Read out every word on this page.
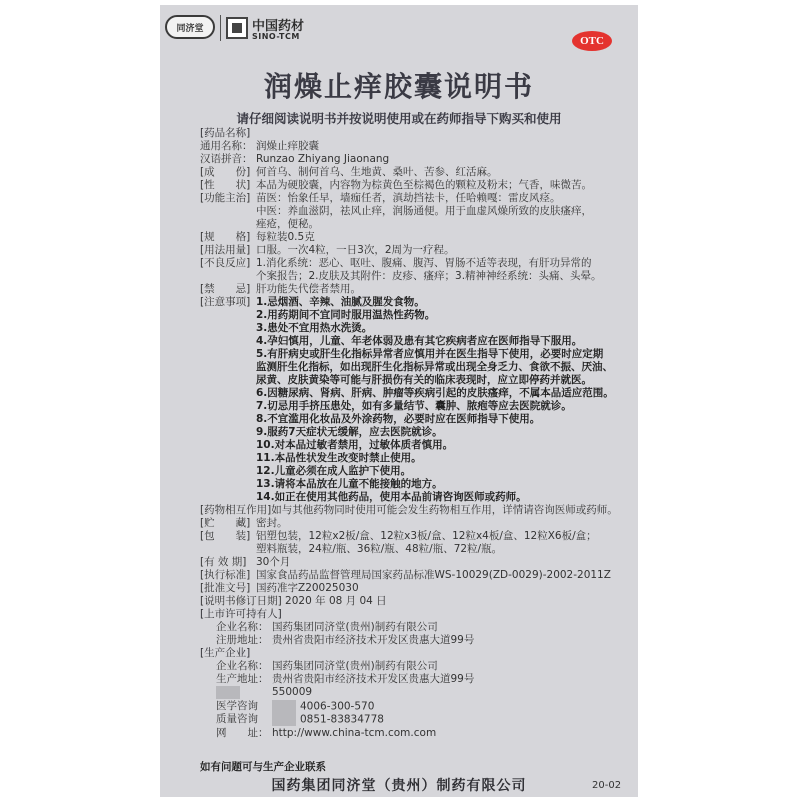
同济堂	中国药材
SINO-TCM	OTC
润燥止痒胶囊说明书
请仔细阅读说明书并按说明使用或在药师指导下购买和使用
[药品名称]
通用名称： 润燥止痒胶囊
汉语拼音： Runzao Zhiyang Jiaonang
[成　　份] 何首乌、制何首乌、生地黄、桑叶、苦参、红活麻。
[性　　状] 本品为硬胶囊，内容物为棕黄色至棕褐色的颗粒及粉末；气香，味微苦。
[功能主治] 苗医：怡象任早，墙痂任者，滇劫挡祛卡，任哈赖嘎：雷皮风痉。
中医：养血滋阴，祛风止痒，润肠通便。用于血虚风燥所致的皮肤瘙痒，
痤疮，便秘。
[规　　格] 每粒装0.5克
[用法用量] 口服。一次4粒，一日3次，2周为一疗程。
[不良反应] 1.消化系统：恶心、呕吐、腹痛、腹泻、胃肠不适等表现，有肝功异常的
个案报告；2.皮肤及其附件：皮疹、瘙痒；3.精神神经系统：头痛、头晕。
[禁　　忌] 肝功能失代偿者禁用。
[注意事项] 1.忌烟酒、辛辣、油腻及腥发食物。
2.用药期间不宜同时服用温热性药物。
3.患处不宜用热水洗烫。
4.孕妇慎用，儿童、年老体弱及患有其它疾病者应在医师指导下服用。
5.有肝病史或肝生化指标异常者应慎用并在医生指导下使用，必要时应定期
监测肝生化指标，如出现肝生化指标异常或出现全身乏力、食欲不振、厌油、
尿黄、皮肤黄染等可能与肝损伤有关的临床表现时，应立即停药并就医。
6.因糖尿病、肾病、肝病、肿瘤等疾病引起的皮肤瘙痒，不属本品适应范围。
7.切忌用手挤压患处，如有多量结节、囊肿、脓疱等应去医院就诊。
8.不宜滥用化妆品及外涂药物，必要时应在医师指导下使用。
9.服药7天症状无缓解，应去医院就诊。
10.对本品过敏者禁用，过敏体质者慎用。
11.本品性状发生改变时禁止使用。
12.儿童必须在成人监护下使用。
13.请将本品放在儿童不能接触的地方。
14.如正在使用其他药品，使用本品前请咨询医师或药师。
[药物相互作用]如与其他药物同时使用可能会发生药物相互作用，详情请咨询医师或药师。
[贮　　藏] 密封。
[包　　装] 铝塑包装，12粒x2板/盒、12粒x3板/盒、12粒x4板/盒、12粒X6板/盒；
塑料瓶装，24粒/瓶、36粒/瓶、48粒/瓶、72粒/瓶。
[有 效 期] 30个月
[执行标准] 国家食品药品监督管理局国家药品标准WS-10029(ZD-0029)-2002-2011Z
[批准文号] 国药准字Z20025030
[说明书修订日期] 2020 年 08 月 04 日
[上市许可持有人]
企业名称： 国药集团同济堂(贵州)制药有限公司
注册地址： 贵州省贵阳市经济技术开发区贵惠大道99号
[生产企业]
企业名称： 国药集团同济堂(贵州)制药有限公司
生产地址： 贵州省贵阳市经济技术开发区贵惠大道99号
550009
医学咨询	4006-300-570
质量咨询	0851-83834778
网　　址： http://www.china-tcm.com.com
如有问题可与生产企业联系
国药集团同济堂（贵州）制药有限公司	20-02
